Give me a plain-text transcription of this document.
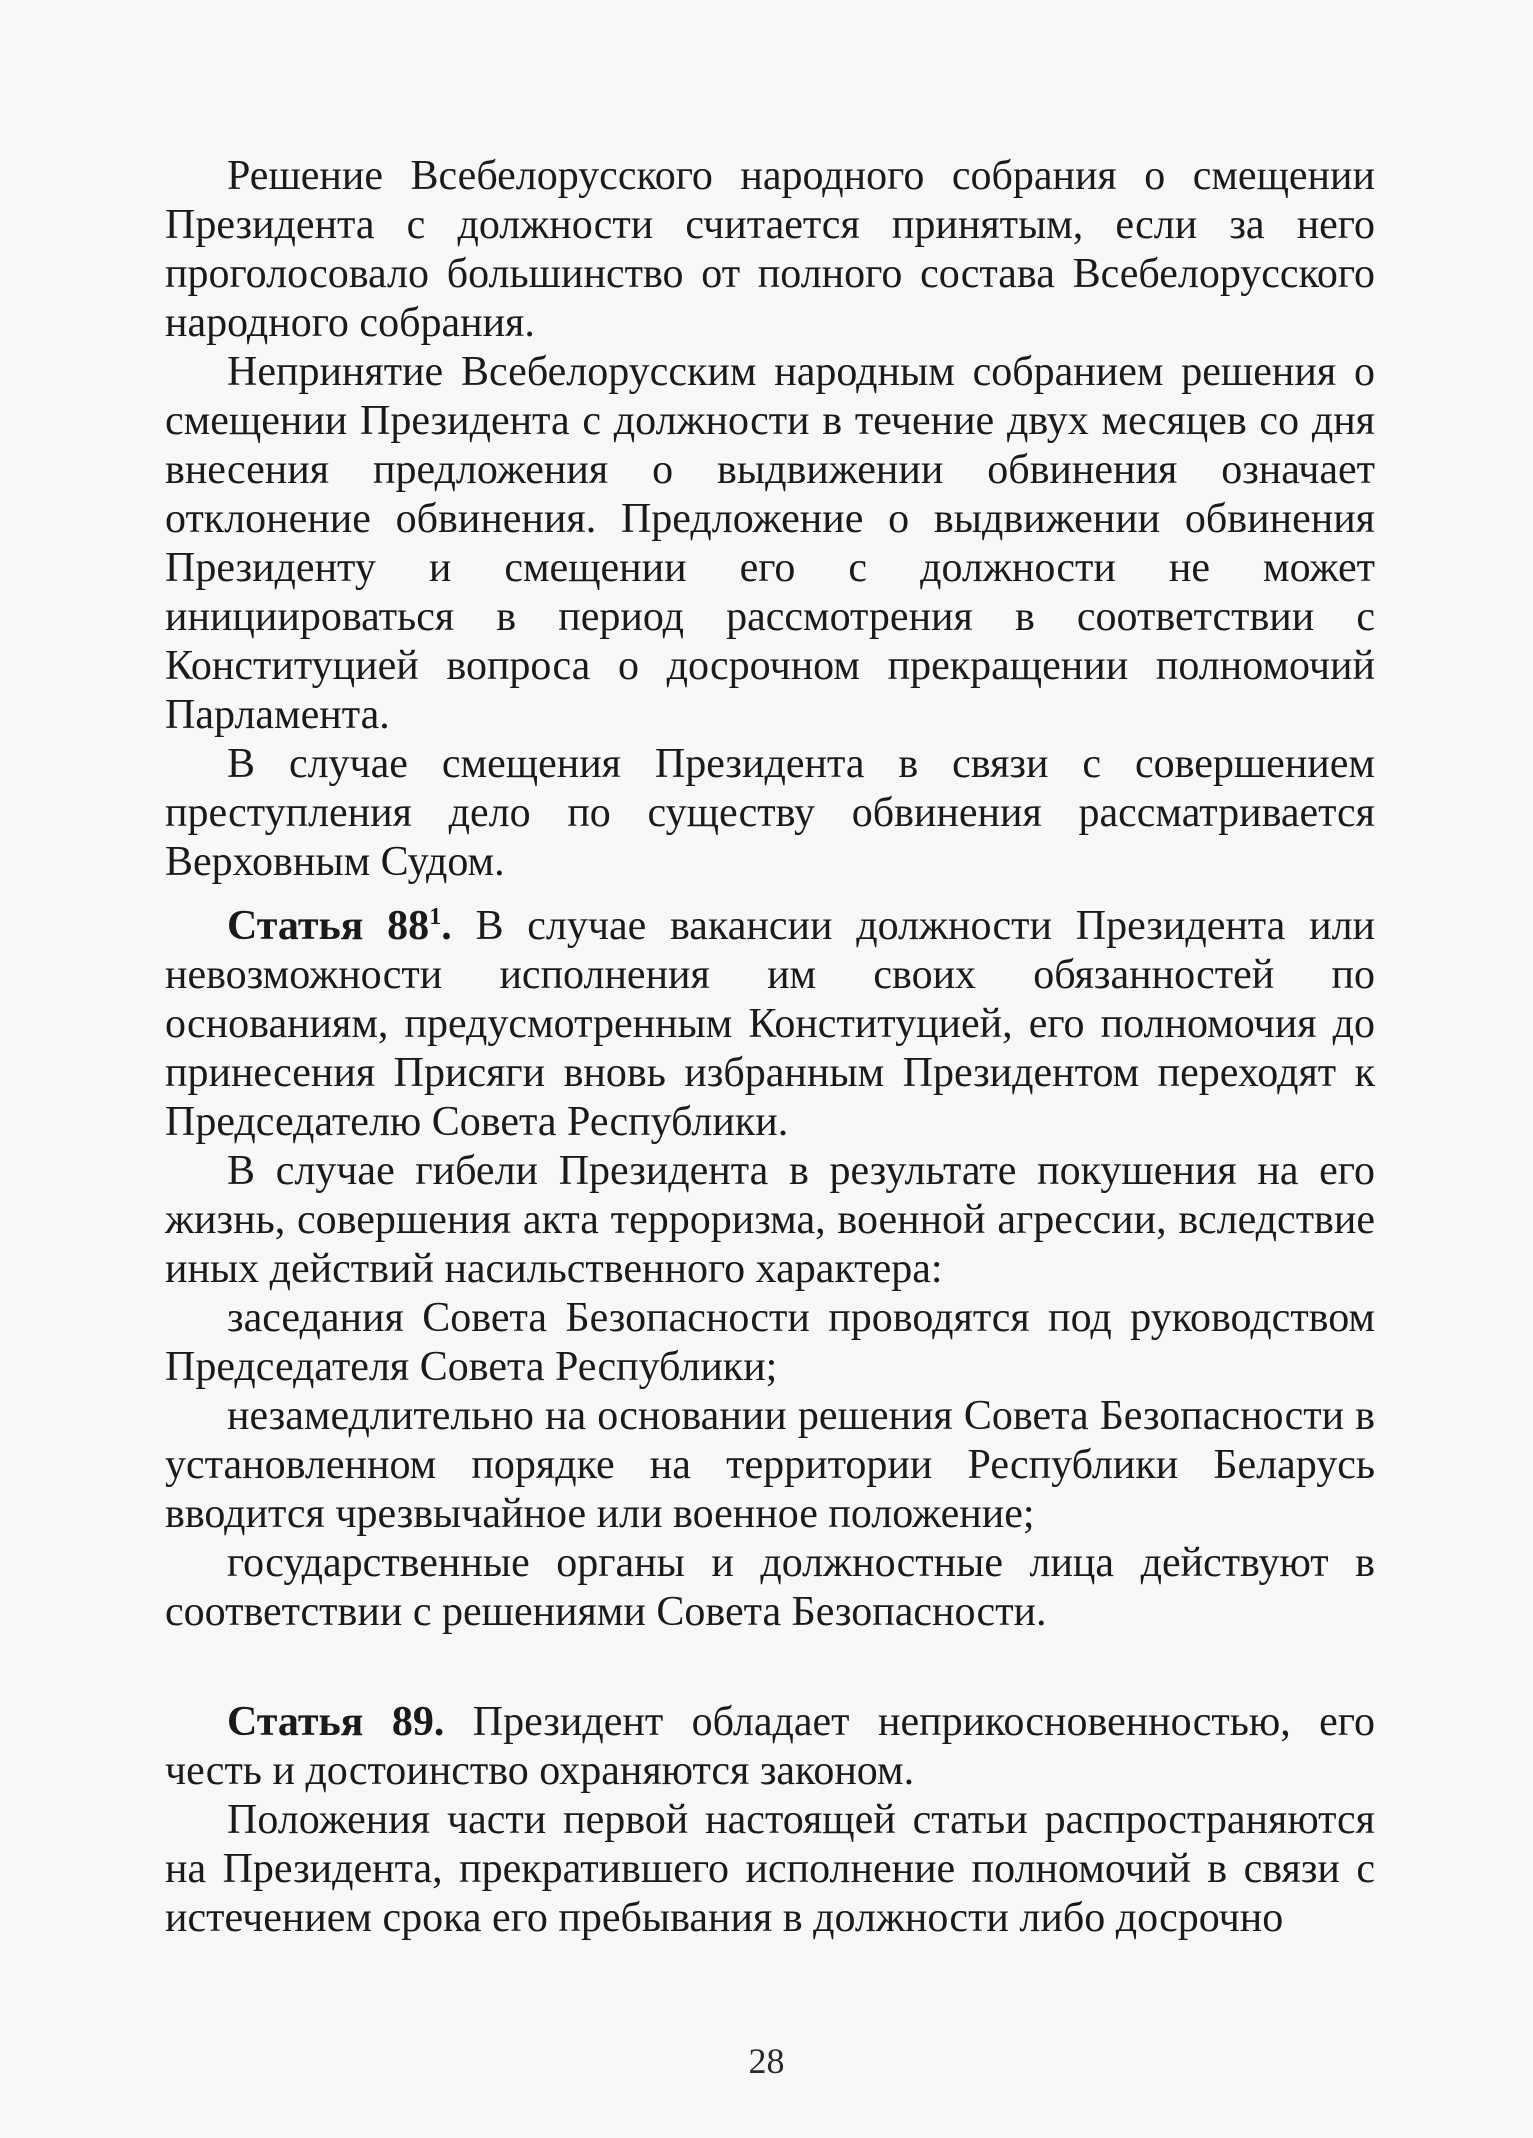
Решение Всебелорусского народного собрания о смещении Президента с должности считается принятым, если за него проголосовало большинство от полного состава Всебелорусского народного собрания.

Непринятие Всебелорусским народным собранием решения о смещении Президента с должности в течение двух месяцев со дня внесения предложения о выдвижении обвинения означает отклонение обвинения. Предложение о выдвижении обвинения Президенту и смещении его с должности не может инициироваться в период рассмотрения в соответствии с Конституцией вопроса о досрочном прекращении полномочий Парламента.

В случае смещения Президента в связи с совершением преступления дело по существу обвинения рассматривается Верховным Судом.

Статья $88^1$. В случае вакансии должности Президента или невозможности исполнения им своих обязанностей по основаниям, предусмотренным Конституцией, его полномочия до принесения Присяги вновь избранным Президентом переходят к Председателю Совета Республики.

В случае гибели Президента в результате покушения на его жизнь, совершения акта терроризма, военной агрессии, вследствие иных действий насильственного характера:

заседания Совета Безопасности проводятся под руководством Председателя Совета Республики;

незамедлительно на основании решения Совета Безопасности в установленном порядке на территории Республики Беларусь вводится чрезвычайное или военное положение;

государственные органы и должностные лица действуют в соответствии с решениями Совета Безопасности.

Статья 89. Президент обладает неприкосновенностью, его честь и достоинство охраняются законом.

Положения части первой настоящей статьи распространяются на Президента, прекратившего исполнение полномочий в связи с истечением срока его пребывания в должности либо досрочно

28
